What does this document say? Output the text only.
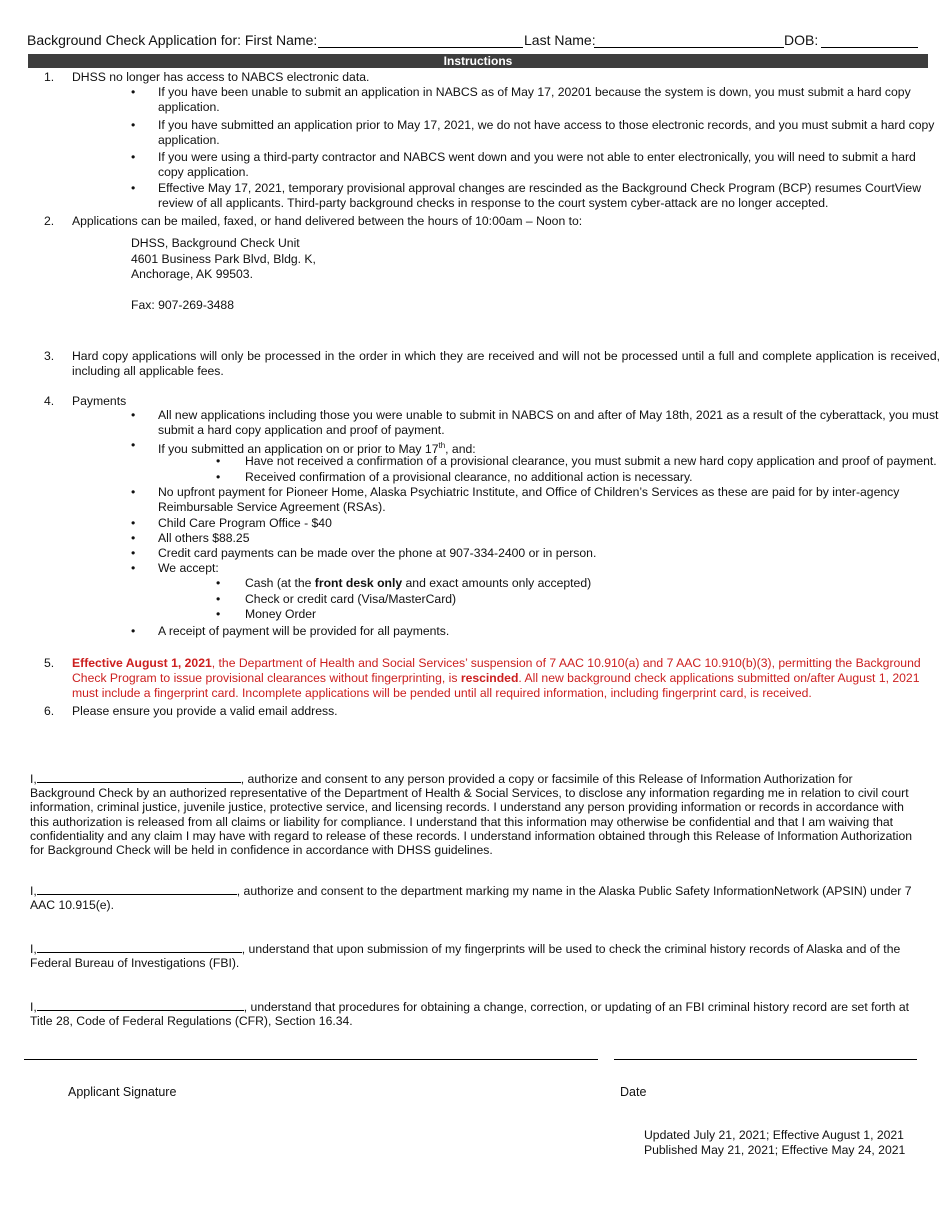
Background Check Application for: First Name:	Last Name:	DOB:
Instructions
1. DHSS no longer has access to NABCS electronic data.
• If you have been unable to submit an application in NABCS as of May 17, 20201 because the system is down, you must submit a hard copy application.
• If you have submitted an application prior to May 17, 2021, we do not have access to those electronic records, and you must submit a hard copy application.
• If you were using a third-party contractor and NABCS went down and you were not able to enter electronically, you will need to submit a hard copy application.
• Effective May 17, 2021, temporary provisional approval changes are rescinded as the Background Check Program (BCP) resumes CourtView review of all applicants. Third-party background checks in response to the court system cyber-attack are no longer accepted.
2. Applications can be mailed, faxed, or hand delivered between the hours of 10:00am – Noon to:
DHSS, Background Check Unit
4601 Business Park Blvd, Bldg. K,
Anchorage, AK 99503.
Fax: 907-269-3488
3. Hard copy applications will only be processed in the order in which they are received and will not be processed until a full and complete application is received, including all applicable fees.
4. Payments
• All new applications including those you were unable to submit in NABCS on and after of May 18th, 2021 as a result of the cyberattack, you must submit a hard copy application and proof of payment.
• If you submitted an application on or prior to May 17th, and:
• Have not received a confirmation of a provisional clearance, you must submit a new hard copy application and proof of payment.
• Received confirmation of a provisional clearance, no additional action is necessary.
• No upfront payment for Pioneer Home, Alaska Psychiatric Institute, and Office of Children’s Services as these are paid for by inter-agency Reimbursable Service Agreement (RSAs).
• Child Care Program Office - $40
• All others $88.25
• Credit card payments can be made over the phone at 907-334-2400 or in person.
• We accept:
• Cash (at the front desk only and exact amounts only accepted)
• Check or credit card (Visa/MasterCard)
• Money Order
• A receipt of payment will be provided for all payments.
5. Effective August 1, 2021, the Department of Health and Social Services’ suspension of 7 AAC 10.910(a) and 7 AAC 10.910(b)(3), permitting the Background Check Program to issue provisional clearances without fingerprinting, is rescinded. All new background check applications submitted on/after August 1, 2021 must include a fingerprint card. Incomplete applications will be pended until all required information, including fingerprint card, is received.
6. Please ensure you provide a valid email address.
I,	, authorize and consent to any person provided a copy or facsimile of this Release of Information Authorization for Background Check by an authorized representative of the Department of Health & Social Services, to disclose any information regarding me in relation to civil court information, criminal justice, juvenile justice, protective service, and licensing records. I understand any person providing information or records in accordance with this authorization is released from all claims or liability for compliance. I understand that this information may otherwise be confidential and that I am waiving that confidentiality and any claim I may have with regard to release of these records. I understand information obtained through this Release of Information Authorization for Background Check will be held in confidence in accordance with DHSS guidelines.
I,	, authorize and consent to the department marking my name in the Alaska Public Safety InformationNetwork (APSIN) under 7 AAC 10.915(e).
I,	, understand that upon submission of my fingerprints will be used to check the criminal history records of Alaska and of the Federal Bureau of Investigations (FBI).
I,	, understand that procedures for obtaining a change, correction, or updating of an FBI criminal history record are set forth at Title 28, Code of Federal Regulations (CFR), Section 16.34.
Applicant Signature	Date
Updated July 21, 2021; Effective August 1, 2021
Published May 21, 2021; Effective May 24, 2021
